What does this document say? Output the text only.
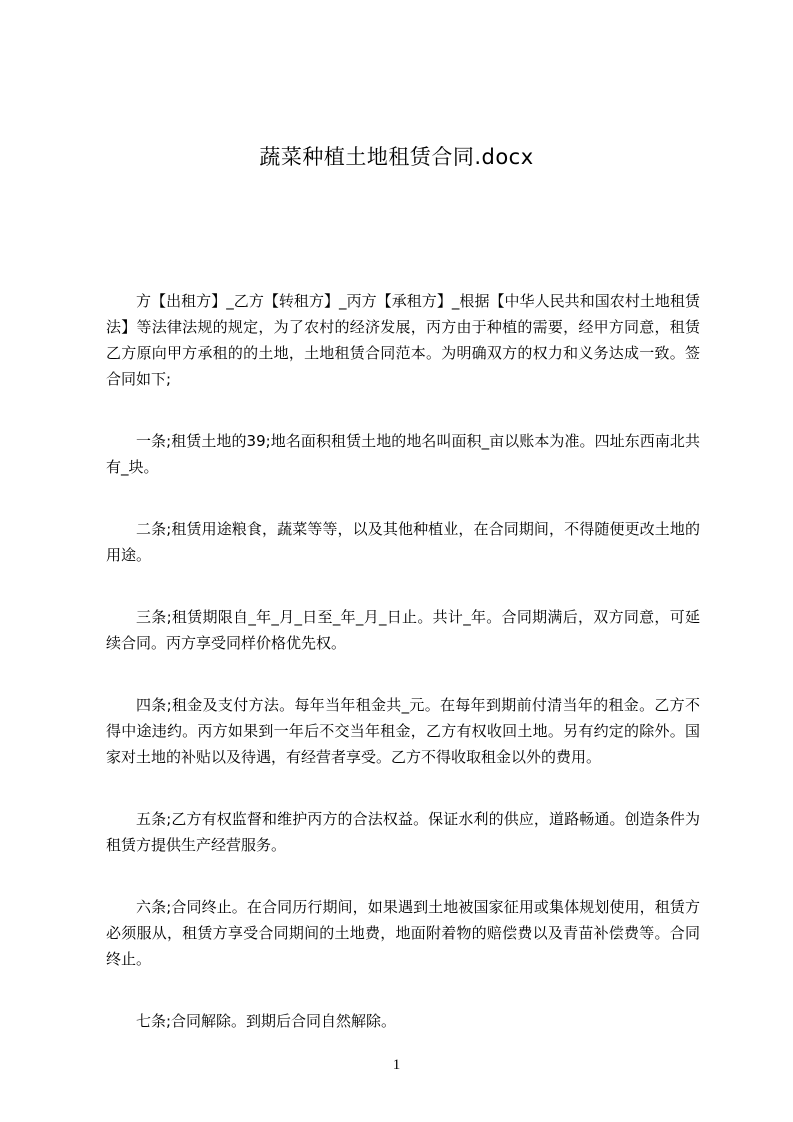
蔬菜种植土地租赁合同.docx

方【出租方】_乙方【转租方】_丙方【承租方】_根据【中华人民共和国农村土地租赁法】等法律法规的规定，为了农村的经济发展，丙方由于种植的需要，经甲方同意，租赁乙方原向甲方承租的的土地，土地租赁合同范本。为明确双方的权力和义务达成一致。签合同如下;

一条;租赁土地的39;地名面积租赁土地的地名叫面积_亩以账本为准。四址东西南北共有_块。

二条;租赁用途粮食，蔬菜等等，以及其他种植业，在合同期间，不得随便更改土地的用途。

三条;租赁期限自_年_月_日至_年_月_日止。共计_年。合同期满后，双方同意，可延续合同。丙方享受同样价格优先权。

四条;租金及支付方法。每年当年租金共_元。在每年到期前付清当年的租金。乙方不得中途违约。丙方如果到一年后不交当年租金，乙方有权收回土地。另有约定的除外。国家对土地的补贴以及待遇，有经营者享受。乙方不得收取租金以外的费用。

五条;乙方有权监督和维护丙方的合法权益。保证水利的供应，道路畅通。创造条件为租赁方提供生产经营服务。

六条;合同终止。在合同历行期间，如果遇到土地被国家征用或集体规划使用，租赁方必须服从，租赁方享受合同期间的土地费，地面附着物的赔偿费以及青苗补偿费等。合同终止。

七条;合同解除。到期后合同自然解除。

1
